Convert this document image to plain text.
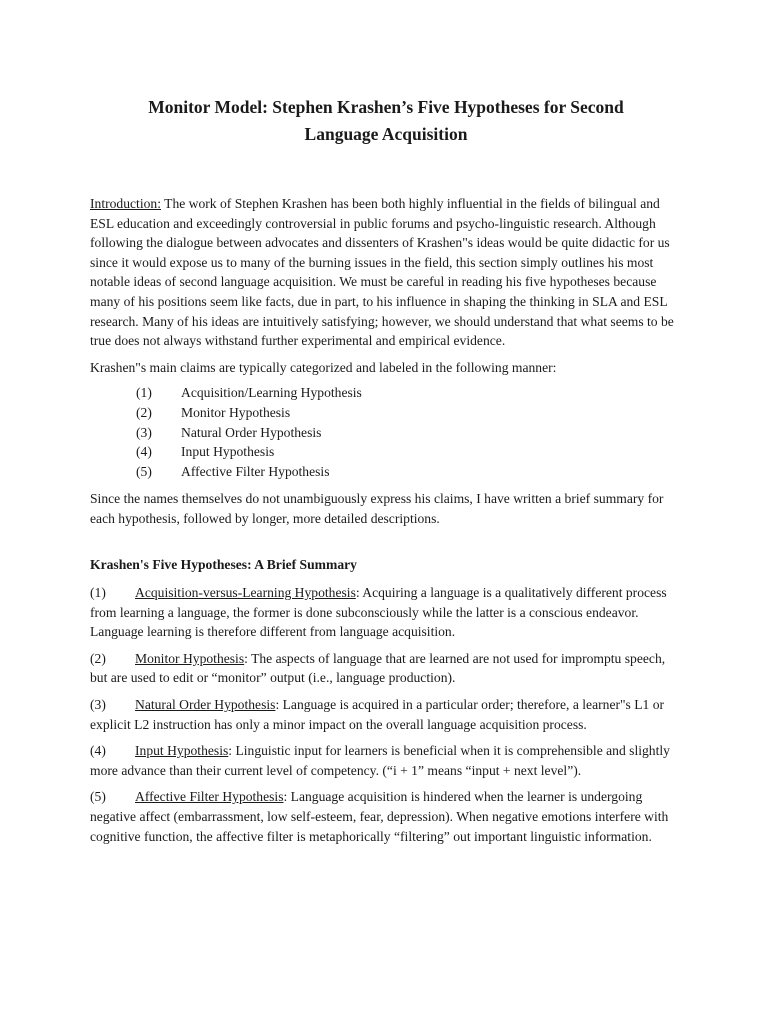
Monitor Model: Stephen Krashen’s Five Hypotheses for Second
Language Acquisition

Introduction: The work of Stephen Krashen has been both highly influential in the fields of bilingual and ESL education and exceedingly controversial in public forums and psycho-linguistic research. Although following the dialogue between advocates and dissenters of Krashen"s ideas would be quite didactic for us since it would expose us to many of the burning issues in the field, this section simply outlines his most notable ideas of second language acquisition. We must be careful in reading his five hypotheses because many of his positions seem like facts, due in part, to his influence in shaping the thinking in SLA and ESL research. Many of his ideas are intuitively satisfying; however, we should understand that what seems to be true does not always withstand further experimental and empirical evidence.

Krashen"s main claims are typically categorized and labeled in the following manner:

(1) Acquisition/Learning Hypothesis
(2) Monitor Hypothesis
(3) Natural Order Hypothesis
(4) Input Hypothesis
(5) Affective Filter Hypothesis

Since the names themselves do not unambiguously express his claims, I have written a brief summary for each hypothesis, followed by longer, more detailed descriptions.

Krashen's Five Hypotheses: A Brief Summary

(1) Acquisition-versus-Learning Hypothesis: Acquiring a language is a qualitatively different process from learning a language, the former is done subconsciously while the latter is a conscious endeavor. Language learning is therefore different from language acquisition.

(2) Monitor Hypothesis: The aspects of language that are learned are not used for impromptu speech, but are used to edit or “monitor” output (i.e., language production).

(3) Natural Order Hypothesis: Language is acquired in a particular order; therefore, a learner"s L1 or explicit L2 instruction has only a minor impact on the overall language acquisition process.

(4) Input Hypothesis: Linguistic input for learners is beneficial when it is comprehensible and slightly more advance than their current level of competency. (“i + 1” means “input + next level”).

(5) Affective Filter Hypothesis: Language acquisition is hindered when the learner is undergoing negative affect (embarrassment, low self-esteem, fear, depression). When negative emotions interfere with cognitive function, the affective filter is metaphorically “filtering” out important linguistic information.
